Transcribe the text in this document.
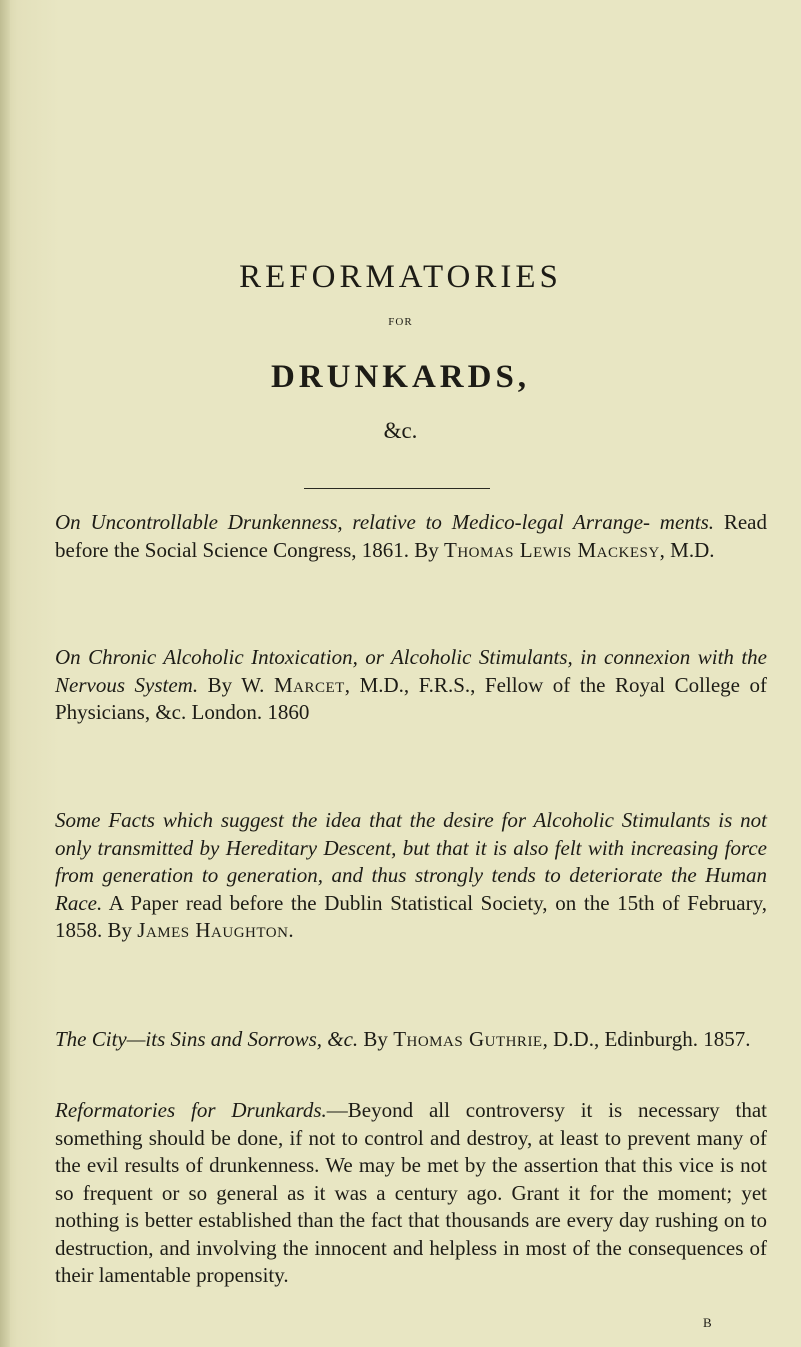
REFORMATORIES
FOR
DRUNKARDS,
&c.

On Uncontrollable Drunkenness, relative to Medico-legal Arrange- ments. Read before the Social Science Congress, 1861. By Thomas Lewis Mackesy, M.D.

On Chronic Alcoholic Intoxication, or Alcoholic Stimulants, in connexion with the Nervous System. By W. Marcet, M.D., F.R.S., Fellow of the Royal College of Physicians, &c. London. 1860

Some Facts which suggest the idea that the desire for Alcoholic Stimulants is not only transmitted by Hereditary Descent, but that it is also felt with increasing force from generation to generation, and thus strongly tends to deteriorate the Human Race. A Paper read before the Dublin Statistical Society, on the 15th of February, 1858. By James Haughton.

The City—its Sins and Sorrows, &c. By Thomas Guthrie, D.D., Edinburgh. 1857.

Reformatories for Drunkards.—Beyond all controversy it is necessary that something should be done, if not to control and destroy, at least to prevent many of the evil results of drunkenness. We may be met by the assertion that this vice is not so frequent or so general as it was a century ago. Grant it for the moment; yet nothing is better established than the fact that thousands are every day rushing on to destruction, and involving the innocent and helpless in most of the consequences of their lamentable propensity.

B
